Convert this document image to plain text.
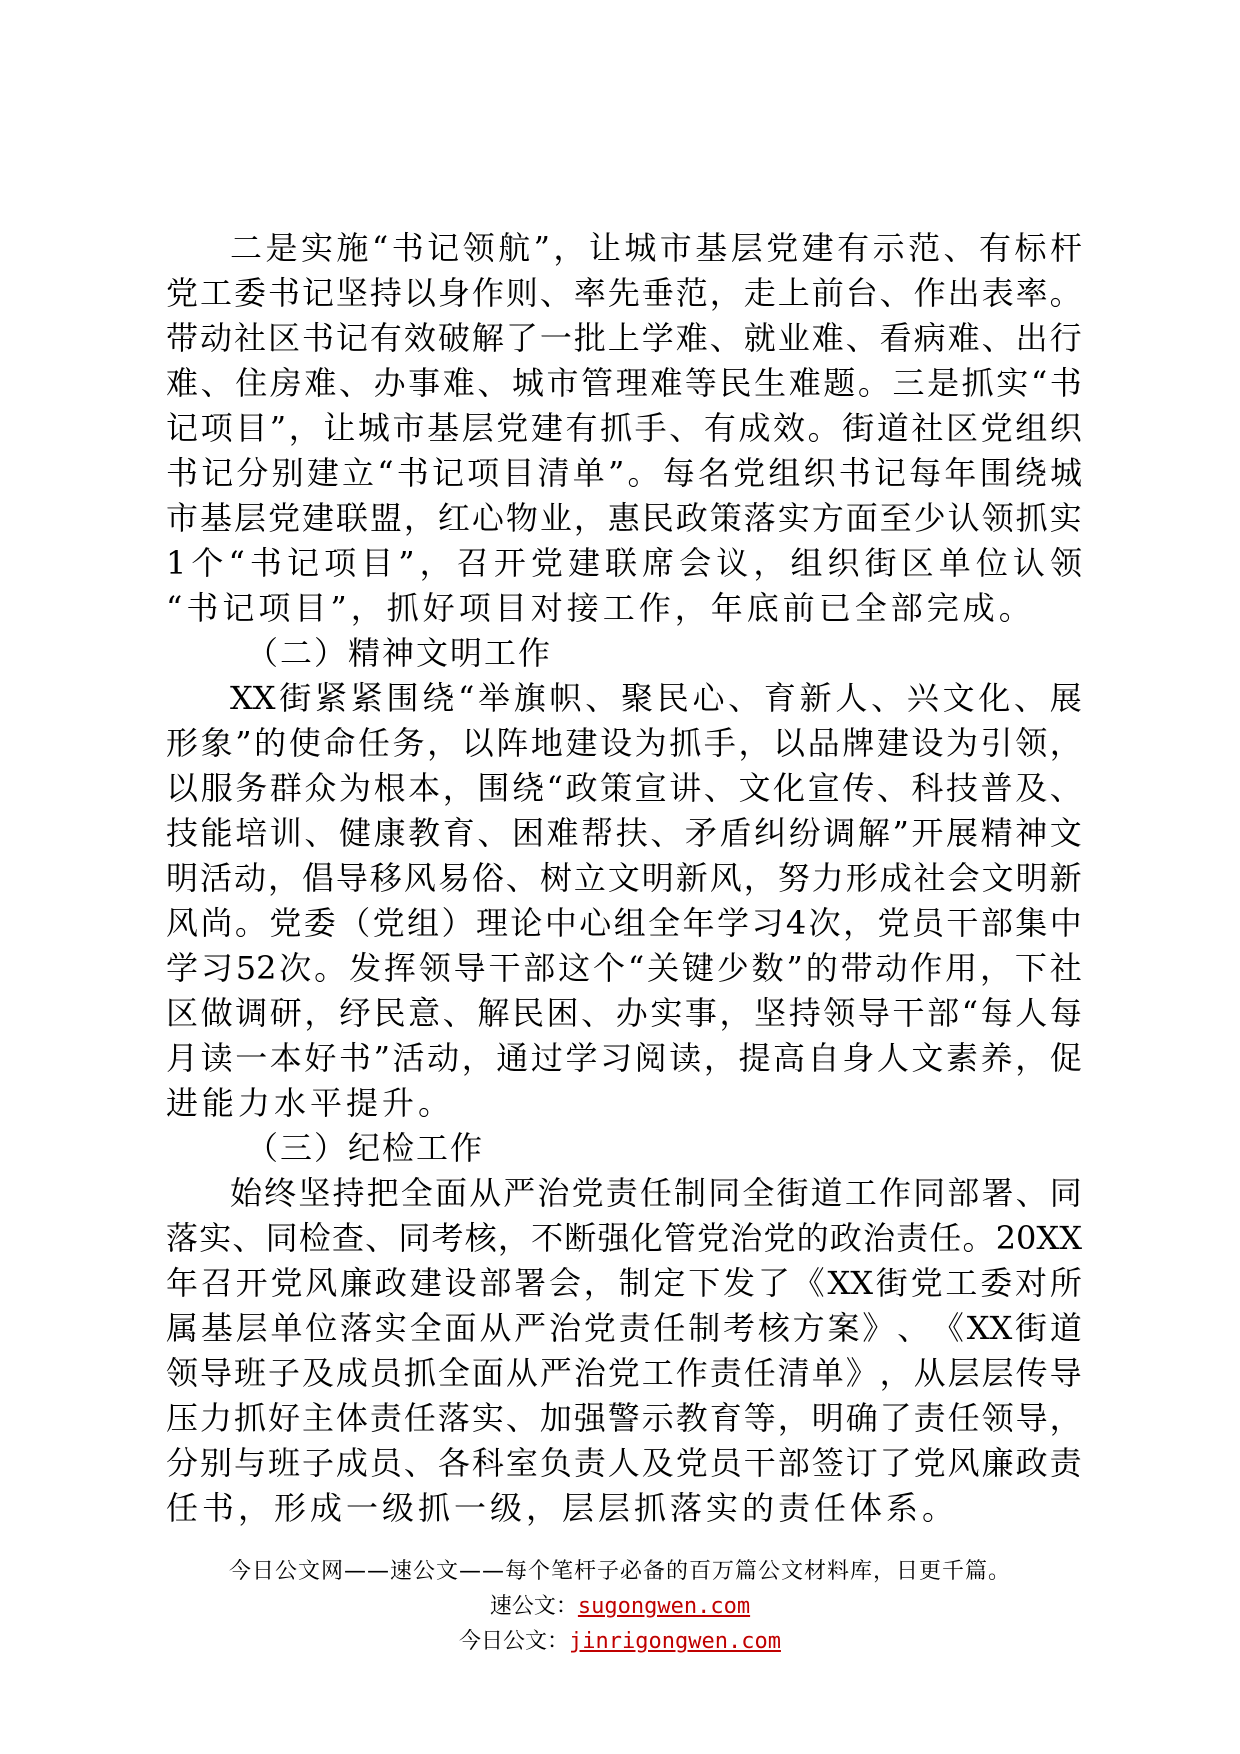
二 是 实 施 “ 书 记 领 航 ” ， 让 城 市 基 层 党 建 有 示 范 、 有 标 杆
党 工 委 书 记 坚 持 以 身 作 则 、 率 先 垂 范 ， 走 上 前 台 、 作 出 表 率 。
带 动 社 区 书 记 有 效 破 解 了 一 批 上 学 难 、 就 业 难 、 看 病 难 、 出 行
难 、 住 房 难 、 办 事 难 、 城 市 管 理 难 等 民 生 难 题 。 三 是 抓 实 “ 书
记 项 目 ” ， 让 城 市 基 层 党 建 有 抓 手 、 有 成 效 。 街 道 社 区 党 组 织
书 记 分 别 建 立 “ 书 记 项 目 清 单 ” 。 每 名 党 组 织 书 记 每 年 围 绕 城
市 基 层 党 建 联 盟 ， 红 心 物 业 ， 惠 民 政 策 落 实 方 面 至 少 认 领 抓 实
1 个 “ 书 记 项 目 ” ， 召 开 党 建 联 席 会 议 ， 组 织 街 区 单 位 认 领
“书记项目”，抓好项目对接工作，年底前已全部完成。
（二）精神文明工作
XX 街 紧 紧 围 绕 “ 举 旗 帜 、 聚 民 心 、 育 新 人 、 兴 文 化 、 展
形 象 ” 的 使 命 任 务 ， 以 阵 地 建 设 为 抓 手 ， 以 品 牌 建 设 为 引 领 ，
以 服 务 群 众 为 根 本 ， 围 绕 “ 政 策 宣 讲 、 文 化 宣 传 、 科 技 普 及 、
技 能 培 训 、 健 康 教 育 、 困 难 帮 扶 、 矛 盾 纠 纷 调 解 ” 开 展 精 神 文
明 活 动 ， 倡 导 移 风 易 俗 、 树 立 文 明 新 风 ， 努 力 形 成 社 会 文 明 新
风 尚 。 党 委 （ 党 组 ） 理 论 中 心 组 全 年 学 习 4 次 ， 党 员 干 部 集 中
学 习 52 次 。 发 挥 领 导 干 部 这 个 “ 关 键 少 数 ” 的 带 动 作 用 ， 下 社
区 做 调 研 ， 纾 民 意 、 解 民 困 、 办 实 事 ， 坚 持 领 导 干 部 “ 每 人 每
月 读 一 本 好 书 ” 活 动 ， 通 过 学 习 阅 读 ， 提 高 自 身 人 文 素 养 ， 促
进能力水平提升。
（三）纪检工作
始 终 坚 持 把 全 面 从 严 治 党 责 任 制 同 全 街 道 工 作 同 部 署 、 同
落 实 、 同 检 查 、 同 考 核 ， 不 断 强 化 管 党 治 党 的 政 治 责 任 。 20XX
年 召 开 党 风 廉 政 建 设 部 署 会 ， 制 定 下 发 了 《 XX 街 党 工 委 对 所
属 基 层 单 位 落 实 全 面 从 严 治 党 责 任 制 考 核 方 案 》 、 《 XX 街 道
领 导 班 子 及 成 员 抓 全 面 从 严 治 党 工 作 责 任 清 单 》 ， 从 层 层 传 导
压 力 抓 好 主 体 责 任 落 实 、 加 强 警 示 教 育 等 ， 明 确 了 责 任 领 导 ，
分 别 与 班 子 成 员 、 各 科 室 负 责 人 及 党 员 干 部 签 订 了 党 风 廉 政 责
任书，形成一级抓一级，层层抓落实的责任体系。
今日公文网——速公文——每个笔杆子必备的百万篇公文材料库，日更千篇。
速公文：sugongwen.com
今日公文：jinrigongwen.com
